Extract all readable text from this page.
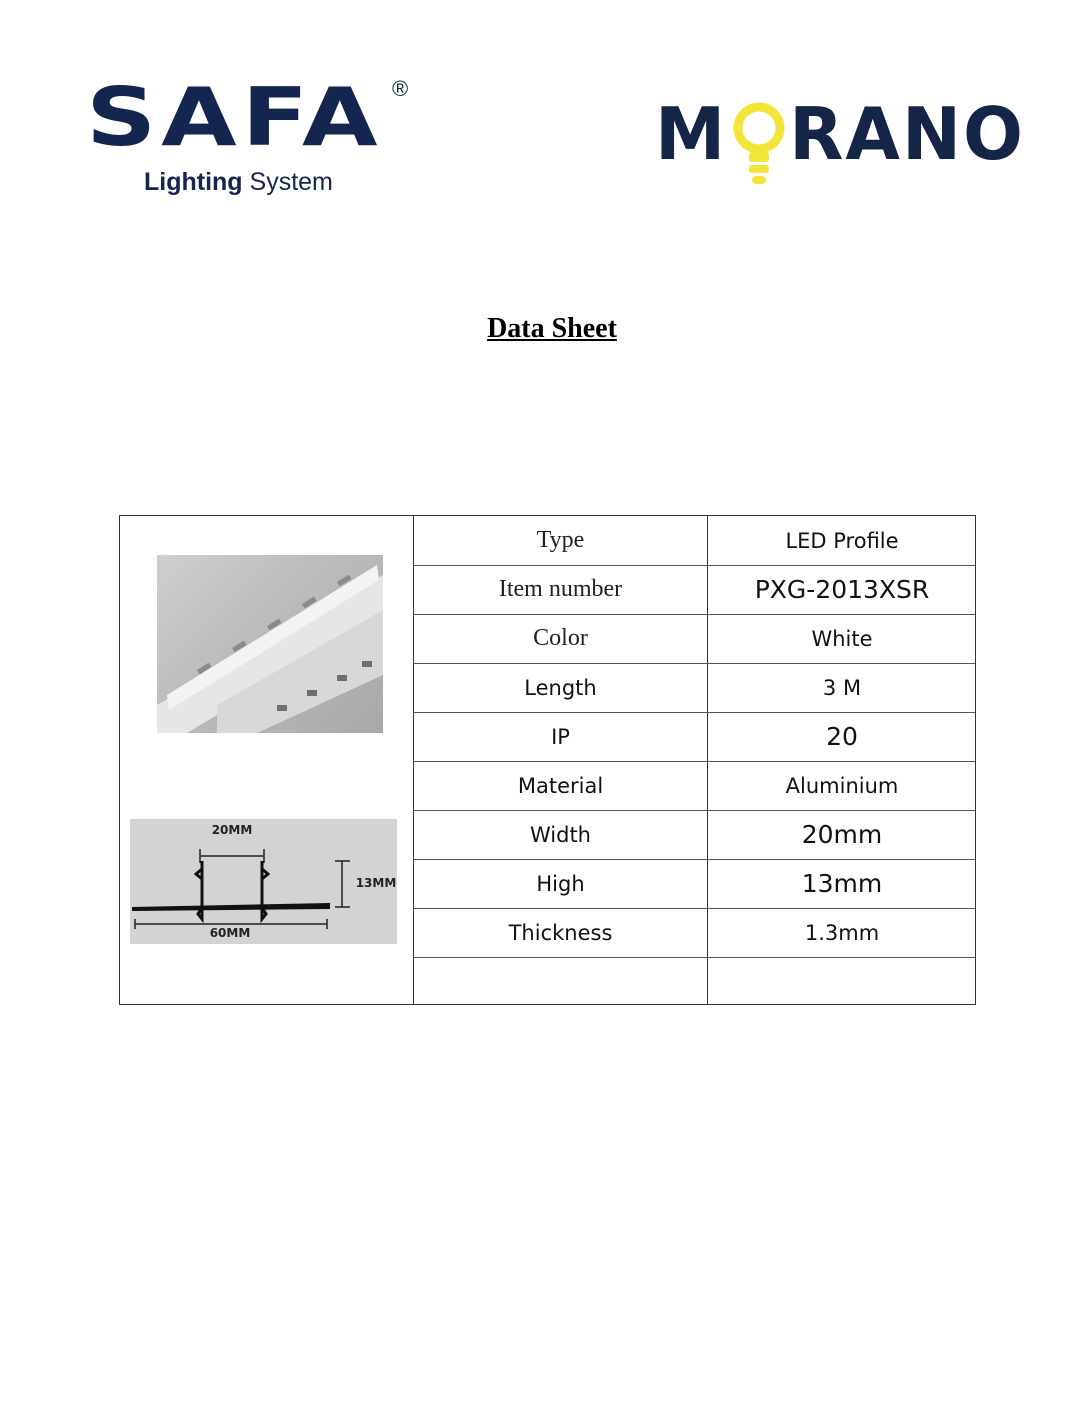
SAFA ®
Lighting System
M RANO
Data Sheet
20MM
13MM
60MM
Type	LED Profile
Item number	PXG-2013XSR
Color	White
Length	3 M
IP	20
Material	Aluminium
Width	20mm
High	13mm
Thickness	1.3mm
